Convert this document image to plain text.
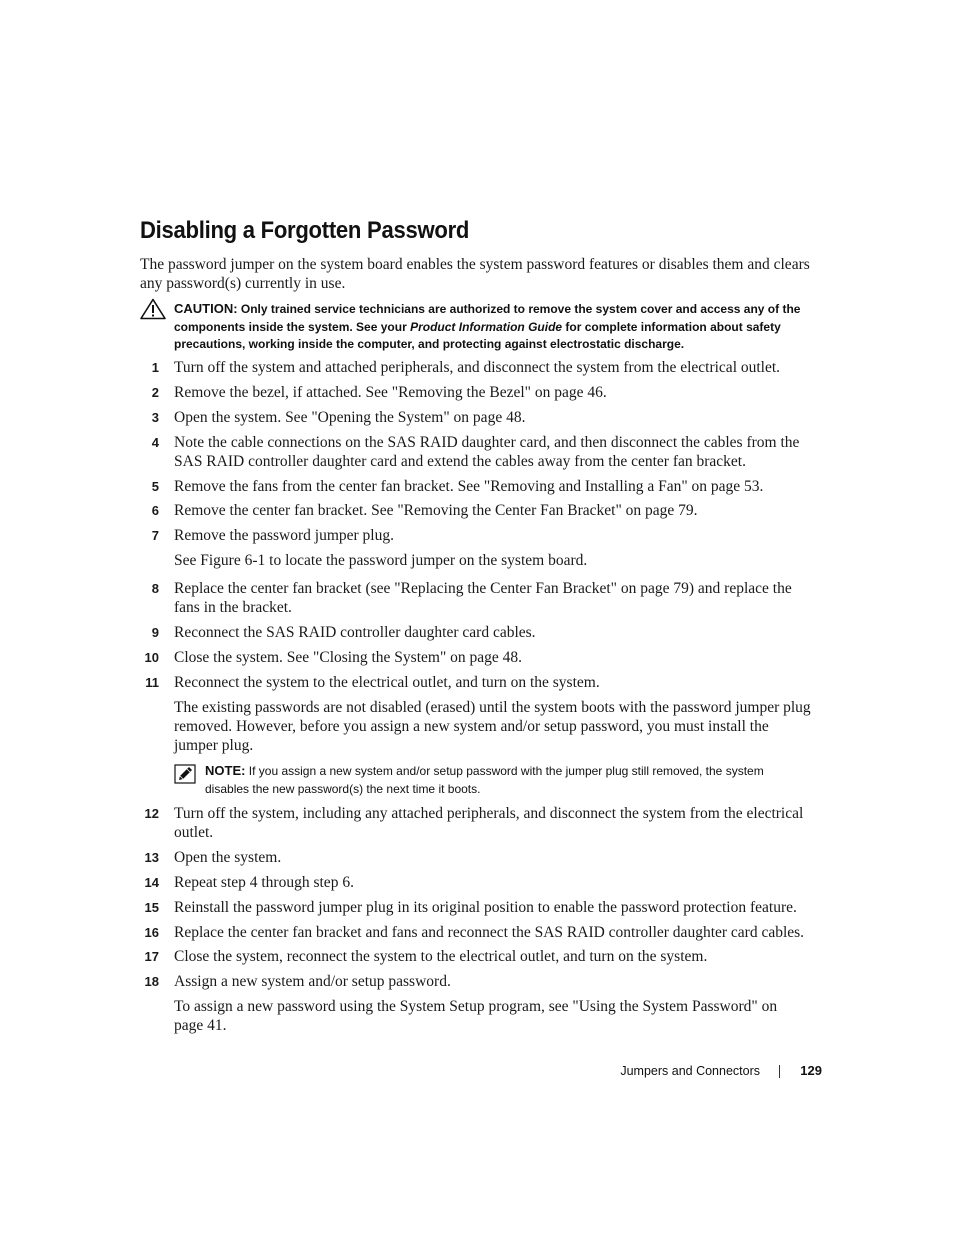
Disabling a Forgotten Password
The password jumper on the system board enables the system password features or disables them and clears any password(s) currently in use.
CAUTION: Only trained service technicians are authorized to remove the system cover and access any of the components inside the system. See your Product Information Guide for complete information about safety precautions, working inside the computer, and protecting against electrostatic discharge.
1 Turn off the system and attached peripherals, and disconnect the system from the electrical outlet.
2 Remove the bezel, if attached. See "Removing the Bezel" on page 46.
3 Open the system. See "Opening the System" on page 48.
4 Note the cable connections on the SAS RAID daughter card, and then disconnect the cables from the SAS RAID controller daughter card and extend the cables away from the center fan bracket.
5 Remove the fans from the center fan bracket. See "Removing and Installing a Fan" on page 53.
6 Remove the center fan bracket. See "Removing the Center Fan Bracket" on page 79.
7 Remove the password jumper plug.
See Figure 6-1 to locate the password jumper on the system board.
8 Replace the center fan bracket (see "Replacing the Center Fan Bracket" on page 79) and replace the fans in the bracket.
9 Reconnect the SAS RAID controller daughter card cables.
10 Close the system. See "Closing the System" on page 48.
11 Reconnect the system to the electrical outlet, and turn on the system.
The existing passwords are not disabled (erased) until the system boots with the password jumper plug removed. However, before you assign a new system and/or setup password, you must install the jumper plug.
NOTE: If you assign a new system and/or setup password with the jumper plug still removed, the system disables the new password(s) the next time it boots.
12 Turn off the system, including any attached peripherals, and disconnect the system from the electrical outlet.
13 Open the system.
14 Repeat step 4 through step 6.
15 Reinstall the password jumper plug in its original position to enable the password protection feature.
16 Replace the center fan bracket and fans and reconnect the SAS RAID controller daughter card cables.
17 Close the system, reconnect the system to the electrical outlet, and turn on the system.
18 Assign a new system and/or setup password.
To assign a new password using the System Setup program, see "Using the System Password" on page 41.
Jumpers and Connectors	129
